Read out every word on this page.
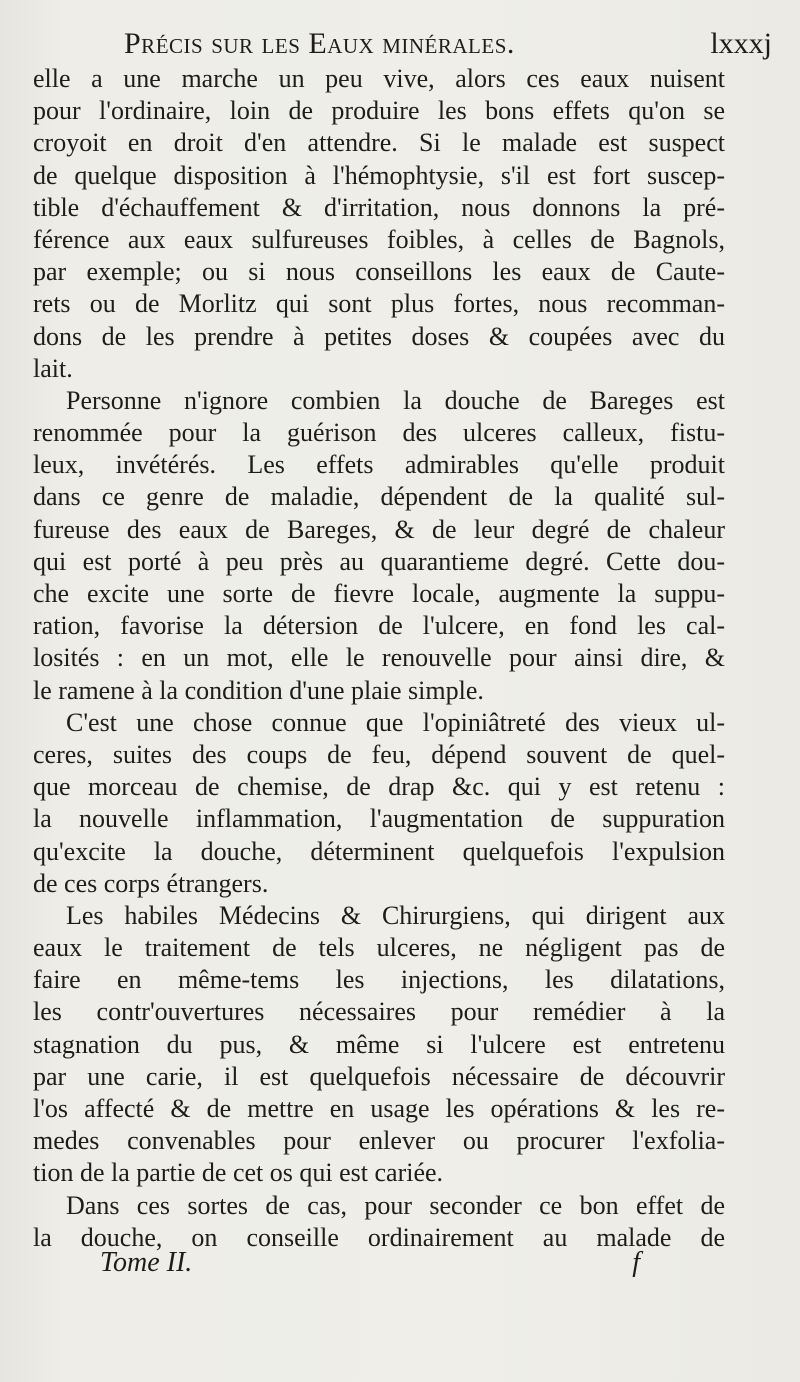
Précis sur les Eaux minérales.	lxxxj
elle a une marche un peu vive, alors ces eaux nuisent
pour l'ordinaire, loin de produire les bons effets qu'on se
croyoit en droit d'en attendre. Si le malade est suspect
de quelque disposition à l'hémophtysie, s'il est fort suscep-
tible d'échauffement & d'irritation, nous donnons la pré-
férence aux eaux sulfureuses foibles, à celles de Bagnols,
par exemple; ou si nous conseillons les eaux de Caute-
rets ou de Morlitz qui sont plus fortes, nous recomman-
dons de les prendre à petites doses & coupées avec du
lait.
Personne n'ignore combien la douche de Bareges est
renommée pour la guérison des ulceres calleux, fistu-
leux, invétérés. Les effets admirables qu'elle produit
dans ce genre de maladie, dépendent de la qualité sul-
fureuse des eaux de Bareges, & de leur degré de chaleur
qui est porté à peu près au quarantieme degré. Cette dou-
che excite une sorte de fievre locale, augmente la suppu-
ration, favorise la détersion de l'ulcere, en fond les cal-
losités : en un mot, elle le renouvelle pour ainsi dire, &
le ramene à la condition d'une plaie simple.
C'est une chose connue que l'opiniâtreté des vieux ul-
ceres, suites des coups de feu, dépend souvent de quel-
que morceau de chemise, de drap &c. qui y est retenu :
la nouvelle inflammation, l'augmentation de suppuration
qu'excite la douche, déterminent quelquefois l'expulsion
de ces corps étrangers.
Les habiles Médecins & Chirurgiens, qui dirigent aux
eaux le traitement de tels ulceres, ne négligent pas de
faire en même-tems les injections, les dilatations,
les contr'ouvertures nécessaires pour remédier à la
stagnation du pus, & même si l'ulcere est entretenu
par une carie, il est quelquefois nécessaire de découvrir
l'os affecté & de mettre en usage les opérations & les re-
medes convenables pour enlever ou procurer l'exfolia-
tion de la partie de cet os qui est cariée.
Dans ces sortes de cas, pour seconder ce bon effet de
la douche, on conseille ordinairement au malade de
Tome II.	f
